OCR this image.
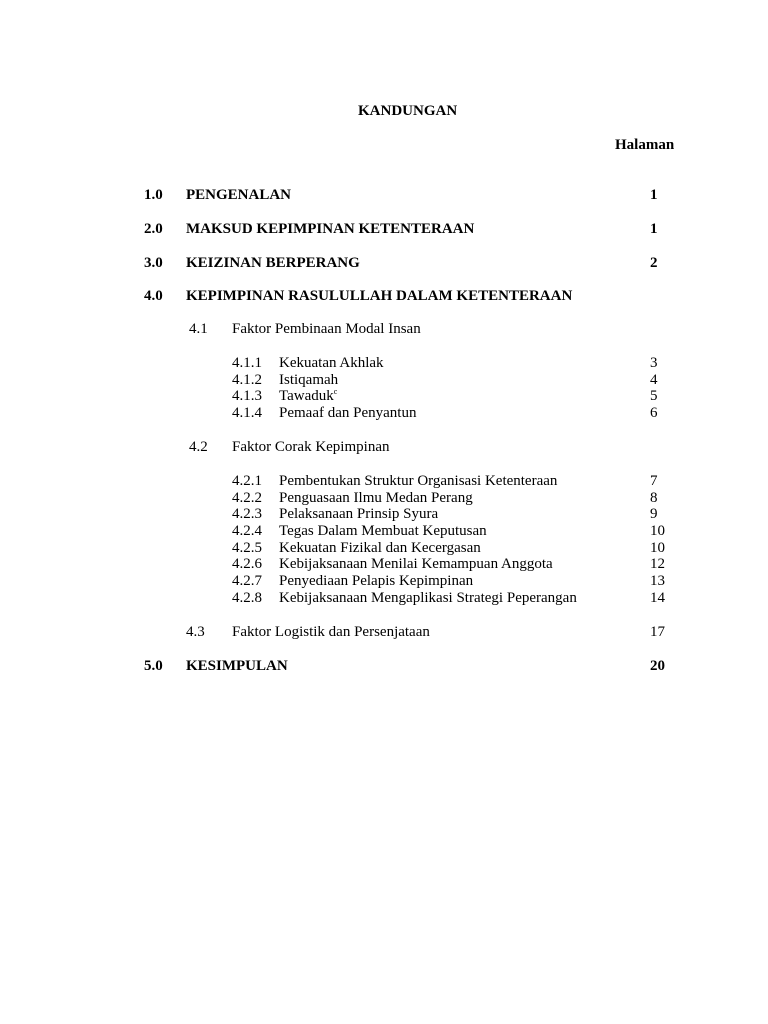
KANDUNGAN
Halaman
1.0 PENGENALAN	1
2.0 MAKSUD KEPIMPINAN KETENTERAAN	1
3.0 KEIZINAN BERPERANG	2
4.0 KEPIMPINAN RASULULLAH DALAM KETENTERAAN
4.1 Faktor Pembinaan Modal Insan
4.1.1 Kekuatan Akhlak	3
4.1.2 Istiqamah	4
4.1.3 Tawaduk$^c$	5
4.1.4 Pemaaf dan Penyantun	6
4.2 Faktor Corak Kepimpinan
4.2.1 Pembentukan Struktur Organisasi Ketenteraan	7
4.2.2 Penguasaan Ilmu Medan Perang	8
4.2.3 Pelaksanaan Prinsip Syura	9
4.2.4 Tegas Dalam Membuat Keputusan	10
4.2.5 Kekuatan Fizikal dan Kecergasan	10
4.2.6 Kebijaksanaan Menilai Kemampuan Anggota	12
4.2.7 Penyediaan Pelapis Kepimpinan	13
4.2.8 Kebijaksanaan Mengaplikasi Strategi Peperangan	14
4.3 Faktor Logistik dan Persenjataan	17
5.0 KESIMPULAN	20
